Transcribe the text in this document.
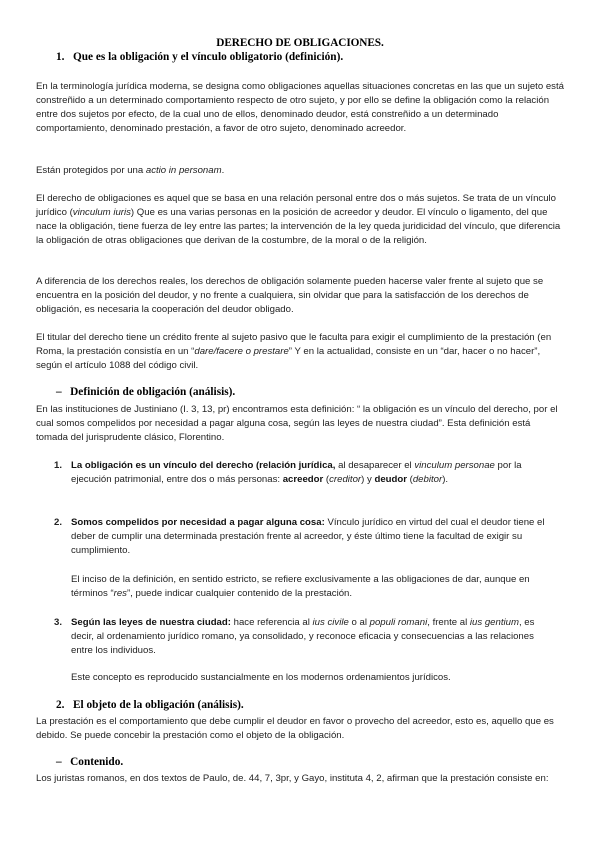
DERECHO DE OBLIGACIONES.
1. Que es la obligación y el vínculo obligatorio (definición).
En la terminología jurídica moderna, se designa como obligaciones aquellas situaciones concretas en las que un sujeto está constreñido a un determinado comportamiento respecto de otro sujeto, y por ello se define la obligación como la relación entre dos sujetos por efecto, de la cual uno de ellos, denominado deudor, está constreñido a un determinado comportamiento, denominado prestación, a favor de otro sujeto, denominado acreedor.
Están protegidos por una actio in personam.
El derecho de obligaciones es aquel que se basa en una relación personal entre dos o más sujetos. Se trata de un vínculo jurídico (vinculum iuris) Que es una varias personas en la posición de acreedor y deudor. El vínculo o ligamento, del que nace la obligación, tiene fuerza de ley entre las partes; la intervención de la ley queda juridicidad del vínculo, que diferencia la obligación de otras obligaciones que derivan de la costumbre, de la moral o de la religión.
A diferencia de los derechos reales, los derechos de obligación solamente pueden hacerse valer frente al sujeto que se encuentra en la posición del deudor, y no frente a cualquiera, sin olvidar que para la satisfacción de los derechos de obligación, es necesaria la cooperación del deudor obligado.
El titular del derecho tiene un crédito frente al sujeto pasivo que le faculta para exigir el cumplimiento de la prestación (en Roma, la prestación consistía en un “dare/facere o prestare” Y en la actualidad, consiste en un “dar, hacer o no hacer”, según el artículo 1088 del código civil.
– Definición de obligación (análisis).
En las instituciones de Justiniano (I. 3, 13, pr) encontramos esta definición: “ la obligación es un vínculo del derecho, por el cual somos compelidos por necesidad a pagar alguna cosa, según las leyes de nuestra ciudad”. Esta definición está tomada del jurisprudente clásico, Florentino.
1. La obligación es un vínculo del derecho (relación jurídica, al desaparecer el vinculum personae por la ejecución patrimonial, entre dos o más personas: acreedor (creditor) y deudor (debitor).
2. Somos compelidos por necesidad a pagar alguna cosa: Vínculo jurídico en virtud del cual el deudor tiene el deber de cumplir una determinada prestación frente al acreedor, y éste último tiene la facultad de exigir su cumplimiento.
El inciso de la definición, en sentido estricto, se refiere exclusivamente a las obligaciones de dar, aunque en términos “res”, puede indicar cualquier contenido de la prestación.
3. Según las leyes de nuestra ciudad: hace referencia al ius civile o al populi romani, frente al ius gentium, es decir, al ordenamiento jurídico romano, ya consolidado, y reconoce eficacia y consecuencias a las relaciones entre los individuos.
Este concepto es reproducido sustancialmente en los modernos ordenamientos jurídicos.
2. El objeto de la obligación (análisis).
La prestación es el comportamiento que debe cumplir el deudor en favor o provecho del acreedor, esto es, aquello que es debido. Se puede concebir la prestación como el objeto de la obligación.
– Contenido.
Los juristas romanos, en dos textos de Paulo, de. 44, 7, 3pr, y Gayo, instituta 4, 2, afirman que la prestación consiste en:
